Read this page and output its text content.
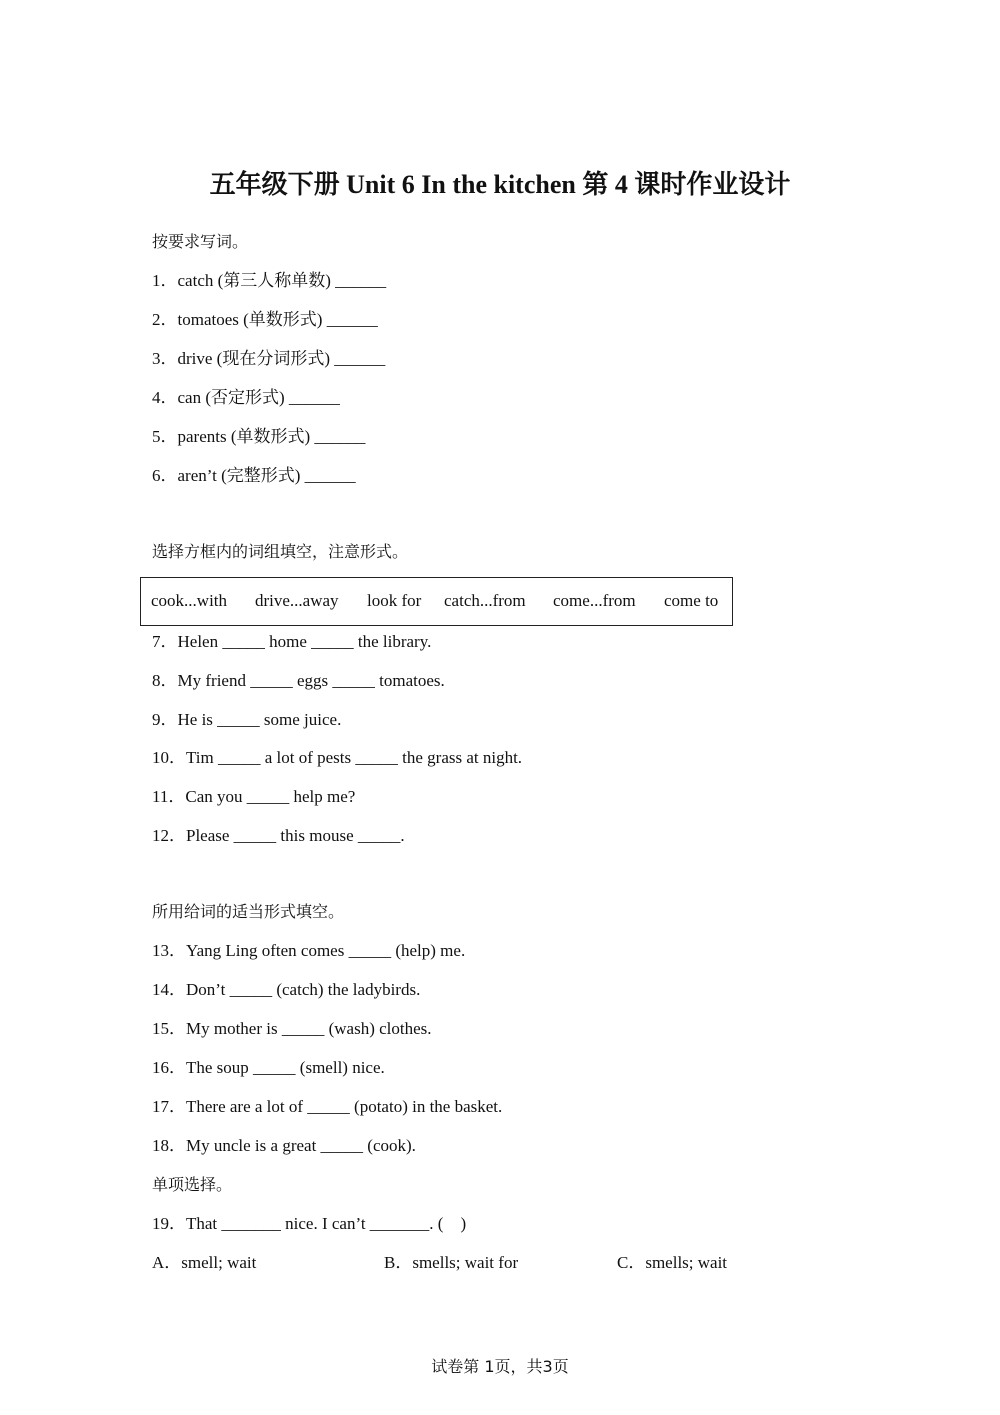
五年级下册 Unit 6 In the kitchen 第 4 课时作业设计
按要求写词。
1．catch (第三人称单数) ______
2．tomatoes (单数形式) ______
3．drive (现在分词形式) ______
4．can (否定形式) ______
5．parents (单数形式) ______
6．aren’t (完整形式) ______
选择方框内的词组填空，注意形式。
cook...with drive...away look for catch...from come...from come to
7．Helen _____ home _____ the library.
8．My friend _____ eggs _____ tomatoes.
9．He is _____ some juice.
10．Tim _____ a lot of pests _____ the grass at night.
11．Can you _____ help me?
12．Please _____ this mouse _____.
所用给词的适当形式填空。
13．Yang Ling often comes _____ (help) me.
14．Don’t _____ (catch) the ladybirds.
15．My mother is _____ (wash) clothes.
16．The soup _____ (smell) nice.
17．There are a lot of _____ (potato) in the basket.
18．My uncle is a great _____ (cook).
单项选择。
19．That _______ nice. I can’t _______. (　)
A．smell; wait	B．smells; wait for	C．smells; wait
试卷第 1页，共3页
